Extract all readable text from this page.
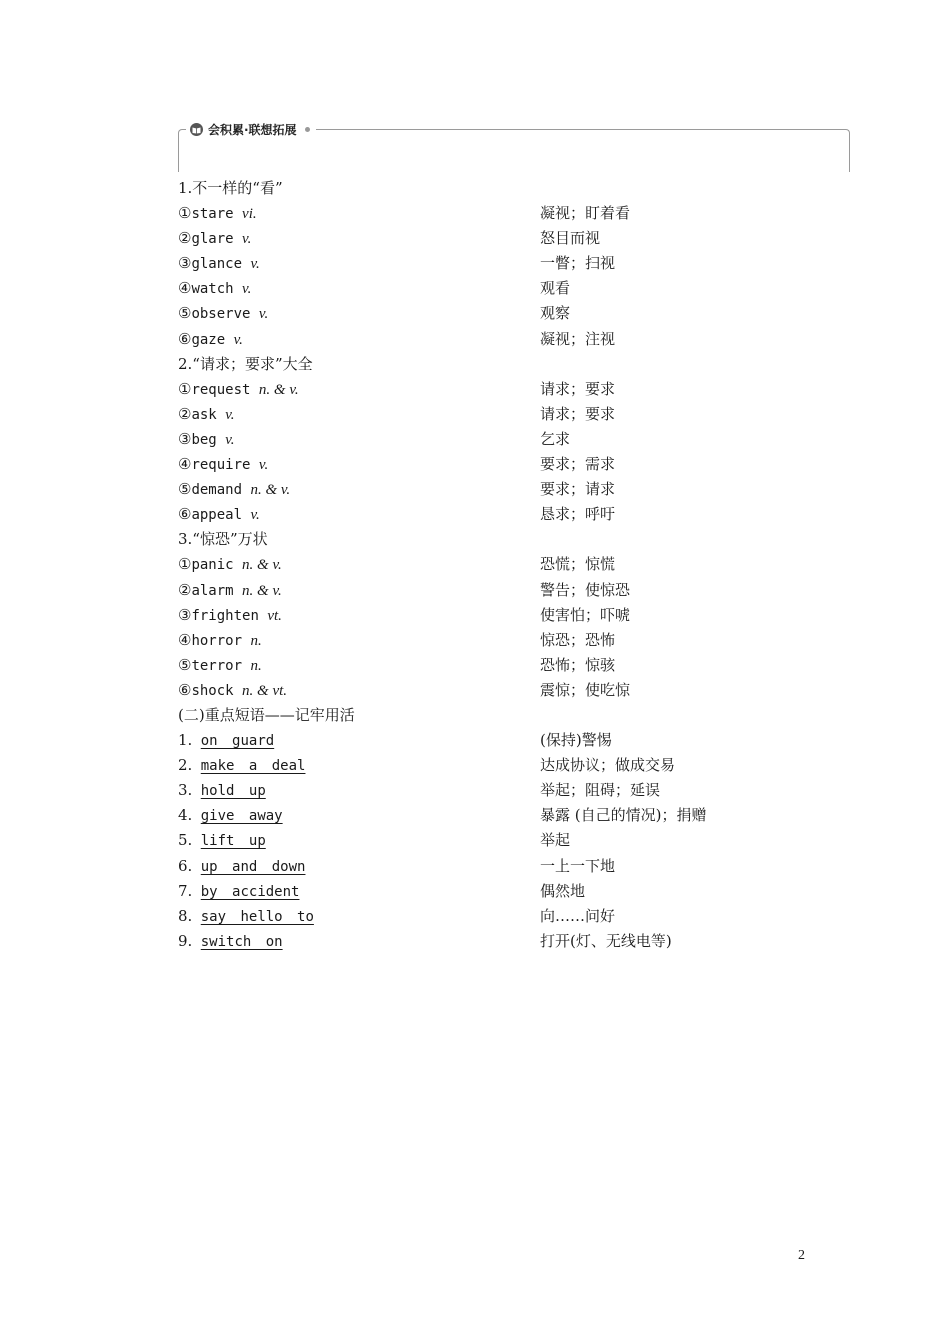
会积累·联想拓展
1.不一样的“看”
①stare vi.	凝视；盯着看
②glare v.	怒目而视
③glance v.	一瞥；扫视
④watch v.	观看
⑤observe v.	观察
⑥gaze v.	凝视；注视
2.“请求；要求”大全
①request n. & v.	请求；要求
②ask v.	请求；要求
③beg v.	乞求
④require v.	要求；需求
⑤demand n. & v.	要求；请求
⑥appeal v.	恳求；呼吁
3.“惊恐”万状
①panic n. & v.	恐慌；惊慌
②alarm n. & v.	警告；使惊恐
③frighten vt.	使害怕；吓唬
④horror n.	惊恐；恐怖
⑤terror n.	恐怖；惊骇
⑥shock n. & vt.	震惊；使吃惊
(二)重点短语——记牢用活
1. on guard	(保持)警惕
2. make a deal	达成协议；做成交易
3. hold up	举起；阻碍；延误
4. give away	暴露 (自己的情况)；捐赠
5. lift up	举起
6. up and down	一上一下地
7. by accident	偶然地
8. say hello to	向……问好
9. switch on	打开(灯、无线电等)
2
